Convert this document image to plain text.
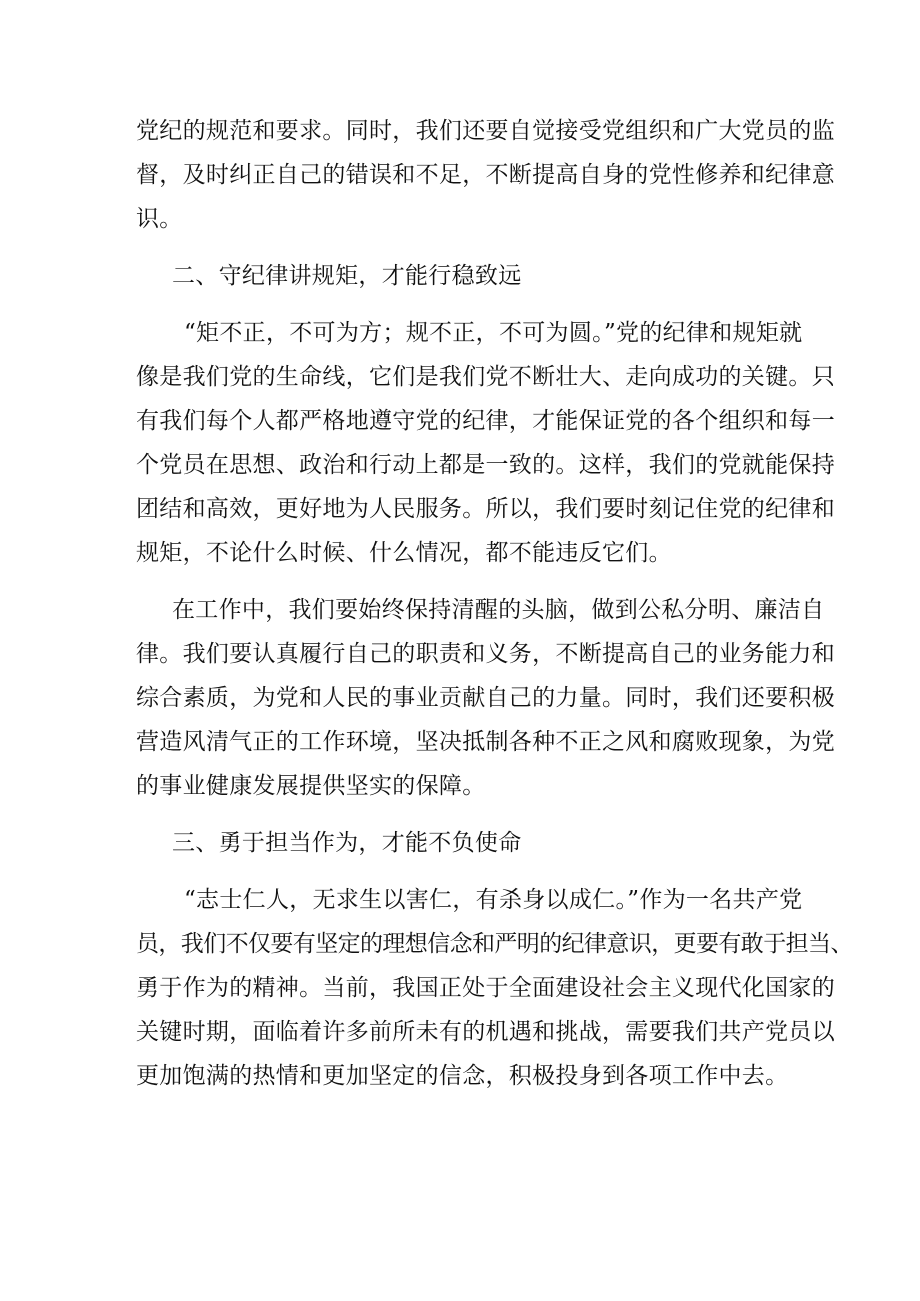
党纪的规范和要求。同时，我们还要自觉接受党组织和广大党员的监
督，及时纠正自己的错误和不足，不断提高自身的党性修养和纪律意
识。
二、守纪律讲规矩，才能行稳致远
“矩不正，不可为方；规不正，不可为圆。”党的纪律和规矩就
像是我们党的生命线，它们是我们党不断壮大、走向成功的关键。只
有我们每个人都严格地遵守党的纪律，才能保证党的各个组织和每一
个党员在思想、政治和行动上都是一致的。这样，我们的党就能保持
团结和高效，更好地为人民服务。所以，我们要时刻记住党的纪律和
规矩，不论什么时候、什么情况，都不能违反它们。
在工作中，我们要始终保持清醒的头脑，做到公私分明、廉洁自
律。我们要认真履行自己的职责和义务，不断提高自己的业务能力和
综合素质，为党和人民的事业贡献自己的力量。同时，我们还要积极
营造风清气正的工作环境，坚决抵制各种不正之风和腐败现象，为党
的事业健康发展提供坚实的保障。
三、勇于担当作为，才能不负使命
“志士仁人，无求生以害仁，有杀身以成仁。”作为一名共产党
员，我们不仅要有坚定的理想信念和严明的纪律意识，更要有敢于担当、
勇于作为的精神。当前，我国正处于全面建设社会主义现代化国家的
关键时期，面临着许多前所未有的机遇和挑战，需要我们共产党员以
更加饱满的热情和更加坚定的信念，积极投身到各项工作中去。
